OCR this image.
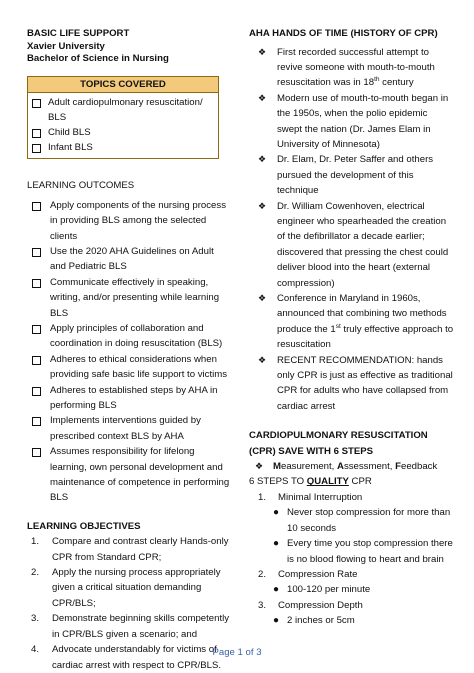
BASIC LIFE SUPPORT
Xavier University
Bachelor of Science in Nursing
TOPICS COVERED
Adult cardiopulmonary resuscitation/ BLS
Child BLS
Infant BLS
LEARNING OUTCOMES
Apply components of the nursing process in providing BLS among the selected clients
Use the 2020 AHA Guidelines on Adult and Pediatric BLS
Communicate effectively in speaking, writing, and/or presenting while learning BLS
Apply principles of collaboration and coordination in doing resuscitation (BLS)
Adheres to ethical considerations when providing safe basic life support to victims
Adheres to established steps by AHA in performing BLS
Implements interventions guided by prescribed context BLS by AHA
Assumes responsibility for lifelong learning, own personal development and maintenance of competence in performing BLS
LEARNING OBJECTIVES
1.	Compare and contrast clearly Hands-only CPR from Standard CPR;
2.	Apply the nursing process appropriately given a critical situation demanding CPR/BLS;
3.	Demonstrate beginning skills competently in CPR/BLS given a scenario; and
4.	Advocate understandably for victims of cardiac arrest with respect to CPR/BLS.
AHA HANDS OF TIME (HISTORY OF CPR)
❖ First recorded successful attempt to revive someone with mouth-to-mouth resuscitation was in 18th century
❖ Modern use of mouth-to-mouth began in the 1950s, when the polio epidemic swept the nation (Dr. James Elam in University of Minnesota)
❖ Dr. Elam, Dr. Peter Saffer and others pursued the development of this technique
❖ Dr. William Cowenhoven, electrical engineer who spearheaded the creation of the defibrillator a decade earlier; discovered that pressing the chest could deliver blood into the heart (external compression)
❖ Conference in Maryland in 1960s, announced that combining two methods produce the 1st truly effective approach to resuscitation
❖ RECENT RECOMMENDATION: hands only CPR is just as effective as traditional CPR for adults who have collapsed from cardiac arrest
CARDIOPULMONARY RESUSCITATION
(CPR) SAVE WITH 6 STEPS
❖ Measurement, Assessment, Feedback
6 STEPS TO QUALITY CPR
1.	Minimal Interruption
● Never stop compression for more than 10 seconds
● Every time you stop compression there is no blood flowing to heart and brain
2.	Compression Rate
● 100-120 per minute
3.	Compression Depth
● 2 inches or 5cm
Page 1 of 3
